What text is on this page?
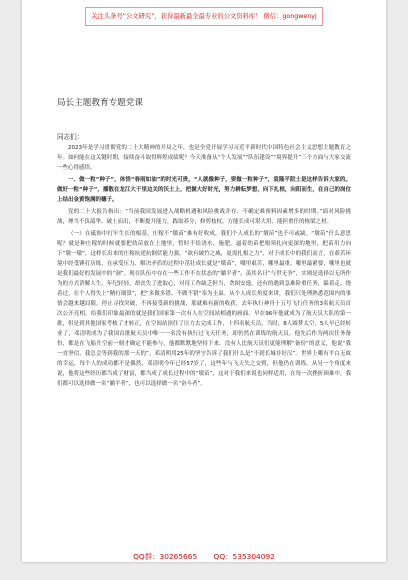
关注头条号“公文研究”，获得最新最全最专业的公文资料库！ 微信：gongwenyj
局长主题教育专题党课
同志们：

2023年是学习贯彻党的二十大精神的开局之年，也是全党开展学习习近平新时代中国特色社会主义思想主题教育之年。如何能在这关键时期，接续奋斗取得辉煌成绩呢？今天准备从“个人发展”“队伍建设”“境界提升”三个方面与大家交流一些心得感悟。

一、做一粒“种子”，体悟“春雨如油”的时光可贵。“人就像种子，要做一粒种子”，袁隆平院士是这样告诉大家的。做好一粒“种子”，播散在龙江大干里边关的沃土上，把握大好时光，努力耕耘梦想，向下扎根，向阳而生，在自己的岗位上结出金黄饱满的穗子。

党的二十大报告指出：“当前我国发展进入战略机遇和风险挑战并存、不确定难预料因素增多的时期。”面对风险挑战，理当不负韶华、破土而出，不断提升能力，践取养分，修剪枝权，方能长成可堪大用、能担重任的栋梁之材。

（一）在砥饰中打牢生长的根基。庄稼不“墩苗”难有好收成，我们个人成长的“墩苗”也不可或缺。“墩苗”什么意思呢？就是种庄稼的时候就要把幼苗放在土地里，暂时不给浇水、施肥，逼着幼苗把根须扎向更深的地里，把苗用力向下“墩一墩”，这样长出来的庄稼抗逆抗倒伏能力强。“欲有破竹之威，更需扎根之力”，对于成长中的我们而言，在艰苦环境中经受锤打历练，在承受压力、解决矛盾的过程中茁壮成长就是“墩苗”，哪里艰苦，哪里最重，哪里最紧要，哪里也就是我们最好的发展中的“洞”。现在队伍中存在一些工作不在状态的“躺平者”，羡其名曰“与世无争”，实则是选择以无所作为的方式消解人生。年纪轻轻，却丧失了进取心，对待工作缺乏担当，贪图安逸，还有的遇到急难险重任务，躲着走、绕着过，在个人得失上“精打细算”，把“多做多错、不做不错”奉为圭臬。从个人成长角度来讲，我们只处理熟悉范围内的事情会越来越局限，停止寻找突破，不再接受新的挑战，那就难有新的收获。去年执行神舟十五号飞行任务的3名航天员首次公开亮相，给我们印象最深的就是我们国家第一次有人在空间站相遇的画面。早在96年他就成为了航天员大队的第一批，但是到其他国家考核了才转正，在空间站顶住了压力去完成工作，十四名航天员。当时，8人圆梦太空，5人早已经转业了，邓清明成为了我国首批航天员中唯一一名没有执行过飞天任务，却仍然在训练的航天员。他先后作为两次任务备份，都是在飞船升空前一刻才确定不能参与，他都默默地坚持下来。没有人比航天员们更能理解“备份”的意义，他说“我一直坚信，我总会等到我的那一天的”。邓清明用25年的坚守告诉了我们什么是“不到长城非好汉”。世界上哪有平白无故的幸运，每个人的成功都不是偶然，邓清明今年已经57岁了，这些年与飞天失之交臂，但他仍在训练。从另一个角度来说，他将这些经历都当成了财富，都当成了成长过程中的“墩苗”，这对于我们来说也同样适用，在每一次挫折困难中，我们都可以选择做一名“躺平者”，也可以选择做一名“奋斗者”。

QQ群：30265665 QQ：535304092
